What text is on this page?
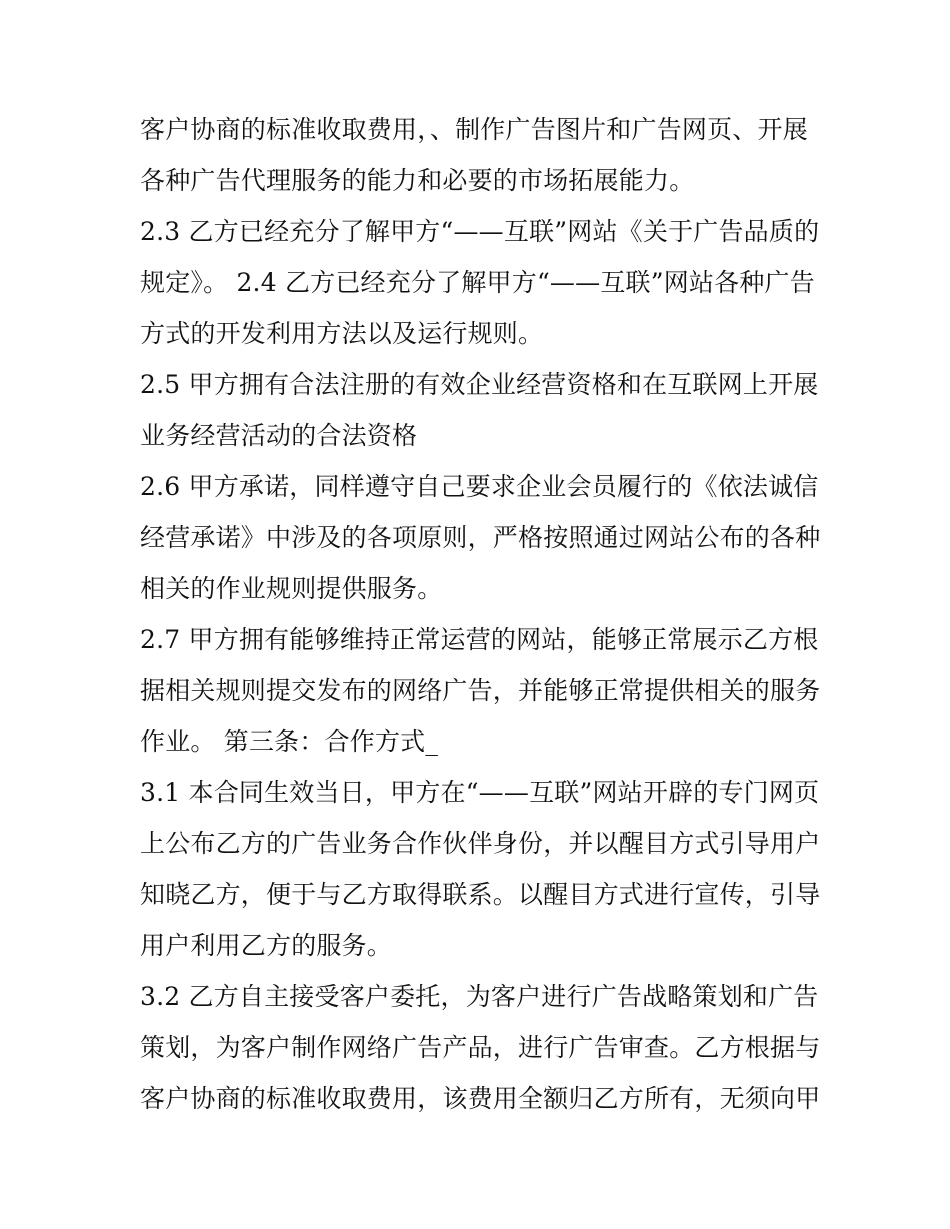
客户协商的标准收取费用，、制作广告图片和广告网页、开展
各种广告代理服务的能力和必要的市场拓展能力。
2.3 乙方已经充分了解甲方“——互联”网站《关于广告品质的
规定》。 2.4 乙方已经充分了解甲方“——互联”网站各种广告
方式的开发利用方法以及运行规则。
2.5 甲方拥有合法注册的有效企业经营资格和在互联网上开展
业务经营活动的合法资格
2.6 甲方承诺，同样遵守自己要求企业会员履行的《依法诚信
经营承诺》中涉及的各项原则，严格按照通过网站公布的各种
相关的作业规则提供服务。
2.7 甲方拥有能够维持正常运营的网站，能够正常展示乙方根
据相关规则提交发布的网络广告，并能够正常提供相关的服务
作业。 第三条：合作方式_
3.1 本合同生效当日，甲方在“——互联”网站开辟的专门网页
上公布乙方的广告业务合作伙伴身份，并以醒目方式引导用户
知晓乙方，便于与乙方取得联系。以醒目方式进行宣传，引导
用户利用乙方的服务。
3.2 乙方自主接受客户委托，为客户进行广告战略策划和广告
策划，为客户制作网络广告产品，进行广告审查。乙方根据与
客户协商的标准收取费用，该费用全额归乙方所有，无须向甲
